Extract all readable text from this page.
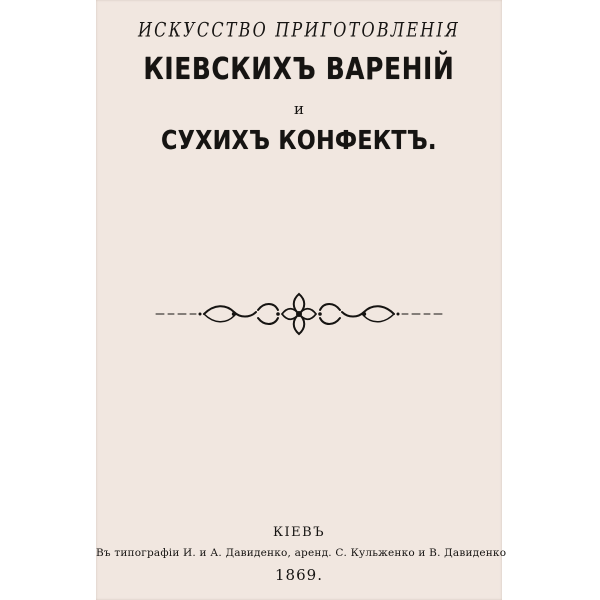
ИСКУССТВО ПРИГОТОВЛЕНІЯ
КІЕВСКИХЪ ВАРЕНІЙ
и
СУХИХЪ КОНФЕКТЪ.
КІЕВЪ
Въ типографіи И. и А. Давиденко, аренд. С. Кульженко и В. Давиденко
1869.
